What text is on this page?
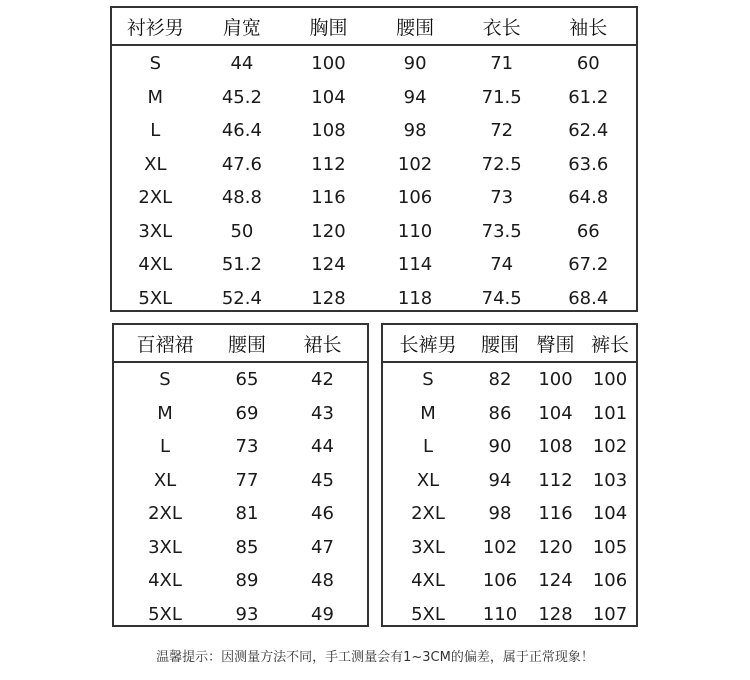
衬衫男	肩宽	胸围	腰围	衣长	袖长
S	44	100	90	71	60
M	45.2	104	94	71.5	61.2
L	46.4	108	98	72	62.4
XL	47.6	112	102	72.5	63.6
2XL	48.8	116	106	73	64.8
3XL	50	120	110	73.5	66
4XL	51.2	124	114	74	67.2
5XL	52.4	128	118	74.5	68.4
百褶裙	腰围	裙长
S	65	42
M	69	43
L	73	44
XL	77	45
2XL	81	46
3XL	85	47
4XL	89	48
5XL	93	49
长裤男	腰围 臀围 裤长
S	82	100	100
M	86	104	101
L	90	108	102
XL	94	112	103
2XL	98	116	104
3XL	102	120	105
4XL	106	124	106
5XL	110	128	107
温馨提示：因测量方法不同，手工测量会有1~3CM的偏差，属于正常现象！
